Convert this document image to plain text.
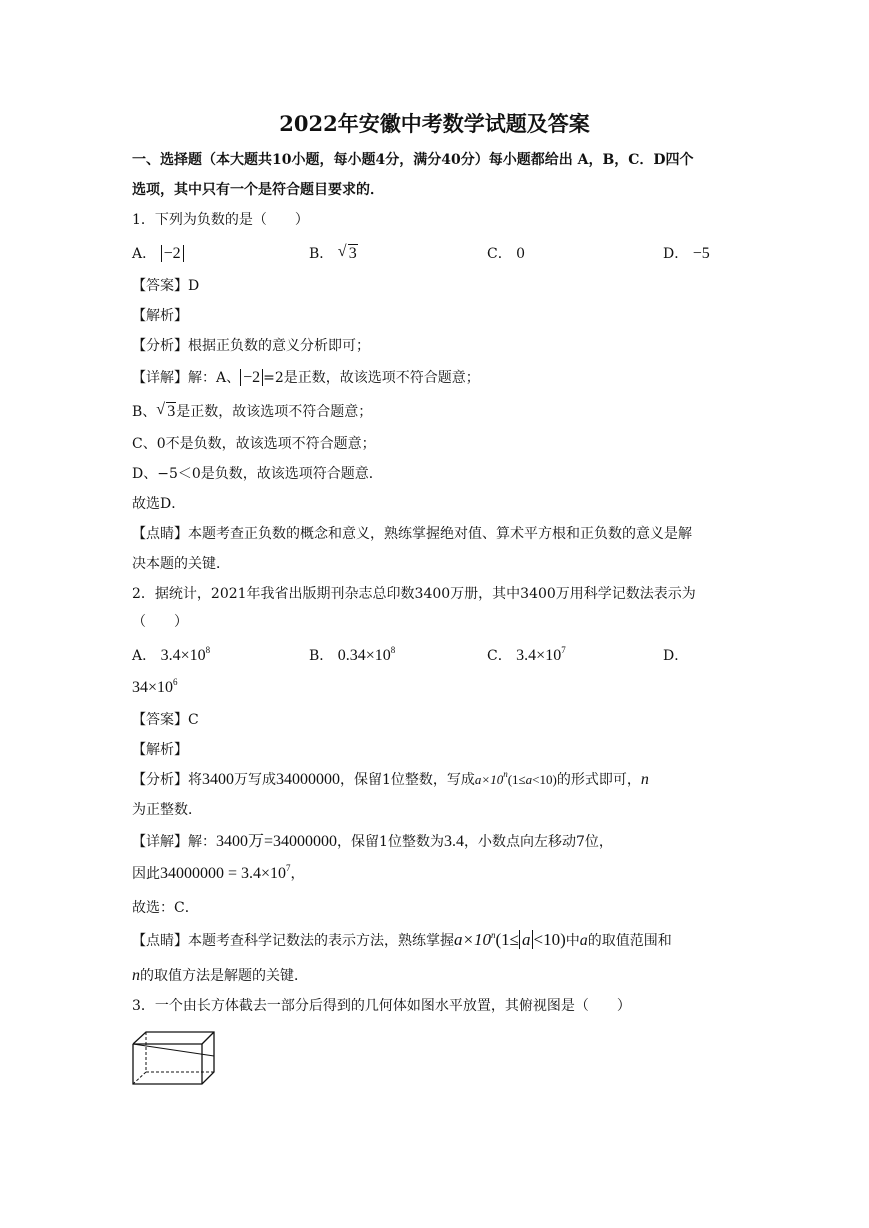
2022年安徽中考数学试题及答案
一、选择题（本大题共10小题，每小题4分，满分40分）每小题都给出 A，B，C．D四个
选项，其中只有一个是符合题目要求的．
1．下列为负数的是（　　）
A． −2	B． √ 3	C． 0	D． −5
【答案】D
【解析】
【分析】根据正负数的意义分析即可；
【详解】解：A、 −2 =2是正数，故该选项不符合题意；
B、 √ 3是正数，故该选项不符合题意；
C、0不是负数，故该选项不符合题意；
D、−5＜0是负数，故该选项符合题意．
故选D．
【点睛】本题考查正负数的概念和意义，熟练掌握绝对值、算术平方根和正负数的意义是解
决本题的关键．
2．据统计，2021年我省出版期刊杂志总印数3400万册，其中3400万用科学记数法表示为
（　　）
A． $3.4\times 10^8$	B． $0.34\times 10^8$	C． $3.4\times 10^7$	D．
$34\times 10^6$
【答案】C
【解析】
【分析】将3400万写成34000000，保留1位整数，写成$a\times 10^n(1\le a<10)$的形式即可，n
为正整数．
【详解】解：3400万=34000000，保留1位整数为3.4，小数点向左移动7位，
因此$34000000 = 3.4\times 10^7$，
故选：C．
【点睛】本题考查科学记数法的表示方法，熟练掌握$a\times 10^n(1\le a <10)$中a的取值范围和
n的取值方法是解题的关键．
3．一个由长方体截去一部分后得到的几何体如图水平放置，其俯视图是（　　）
